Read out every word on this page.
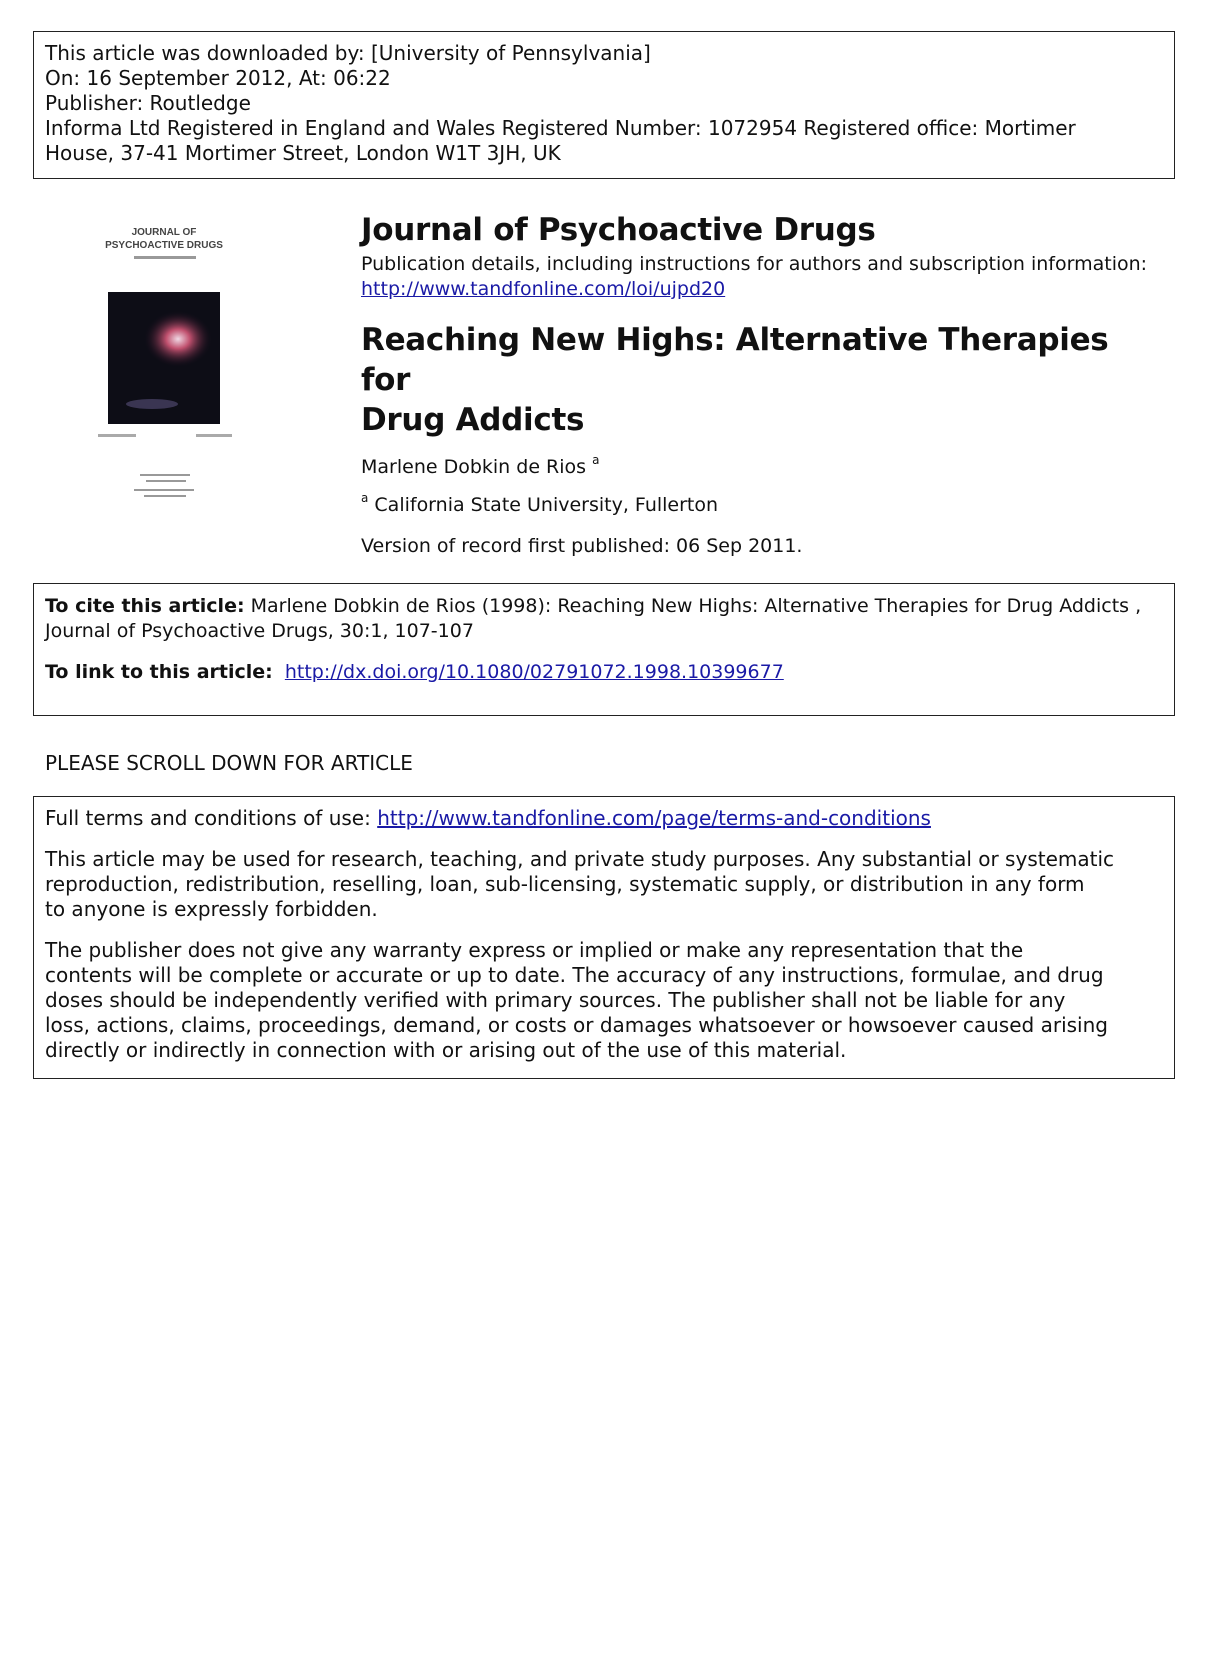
This article was downloaded by: [University of Pennsylvania]
On: 16 September 2012, At: 06:22
Publisher: Routledge
Informa Ltd Registered in England and Wales Registered Number: 1072954 Registered office: Mortimer
House, 37-41 Mortimer Street, London W1T 3JH, UK
JOURNAL OF
PSYCHOACTIVE DRUGS	Journal of Psychoactive Drugs
Publication details, including instructions for authors and subscription information:
http://www.tandfonline.com/loi/ujpd20
Reaching New Highs: Alternative Therapies for
Drug Addicts
Marlene Dobkin de Rios $^a$
$^a$ California State University, Fullerton
Version of record first published: 06 Sep 2011.
To cite this article: Marlene Dobkin de Rios (1998): Reaching New Highs: Alternative Therapies for Drug Addicts ,
Journal of Psychoactive Drugs, 30:1, 107-107
To link to this article: http://dx.doi.org/10.1080/02791072.1998.10399677
PLEASE SCROLL DOWN FOR ARTICLE

Full terms and conditions of use: http://www.tandfonline.com/page/terms-and-conditions

This article may be used for research, teaching, and private study purposes. Any substantial or systematic
reproduction, redistribution, reselling, loan, sub-licensing, systematic supply, or distribution in any form
to anyone is expressly forbidden.

The publisher does not give any warranty express or implied or make any representation that the
contents will be complete or accurate or up to date. The accuracy of any instructions, formulae, and drug
doses should be independently verified with primary sources. The publisher shall not be liable for any
loss, actions, claims, proceedings, demand, or costs or damages whatsoever or howsoever caused arising
directly or indirectly in connection with or arising out of the use of this material.
